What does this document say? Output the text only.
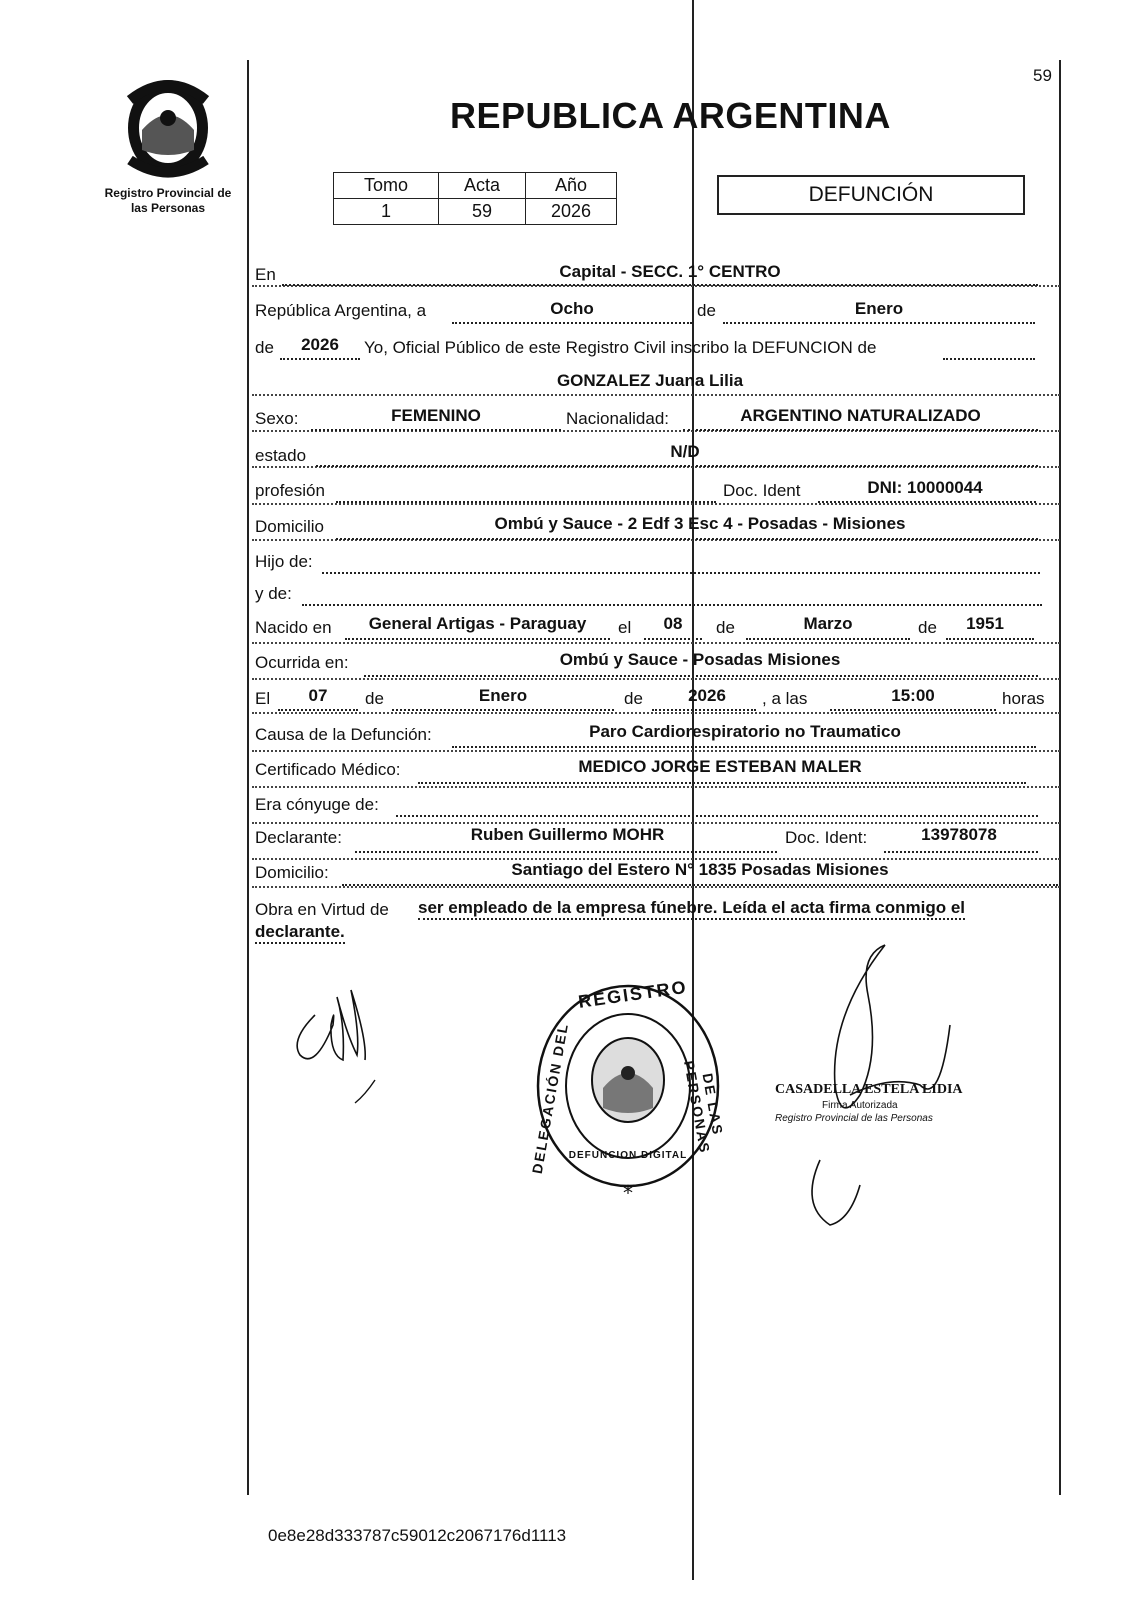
Registro Provincial de las Personas
59
REPUBLICA ARGENTINA
Tomo	Acta	Año
1	59	2026
DEFUNCIÓN
En	Capital - SECC. 1° CENTRO
República Argentina, a	Ocho	de	Enero
de	2026	Yo, Oficial Público de este Registro Civil inscribo la DEFUNCION de
GONZALEZ Juana Lilia
Sexo:	FEMENINO	Nacionalidad:	ARGENTINO NATURALIZADO
estado	N/D
profesión	Doc. Ident	DNI: 10000044
Domicilio	Ombú y Sauce - 2 Edf 3 Esc 4 - Posadas - Misiones
Hijo de:
y de:
Nacido en	General Artigas - Paraguay	el	08	de	Marzo	de	1951
Ocurrida en:	Ombú y Sauce - Posadas Misiones
El	07	de	Enero	de	2026	, a las	15:00	horas
Causa de la Defunción:	Paro Cardiorespiratorio no Traumatico
Certificado Médico:	MEDICO JORGE ESTEBAN MALER
Era cónyuge de:
Declarante:	Ruben Guillermo MOHR	Doc. Ident:	13978078
Domicilio:	Santiago del Estero N° 1835 Posadas Misiones
Obra en Virtud de ser empleado de la empresa fúnebre. Leída el acta firma conmigo el
declarante.
*
REGISTRO
DELEGACIÓN DEL	DE LAS PERSONAS
DEFUNCION DIGITAL
CASADELLA ESTELA LIDIA
Firma Autorizada
Registro Provincial de las Personas
0e8e28d333787c59012c2067176d1113
